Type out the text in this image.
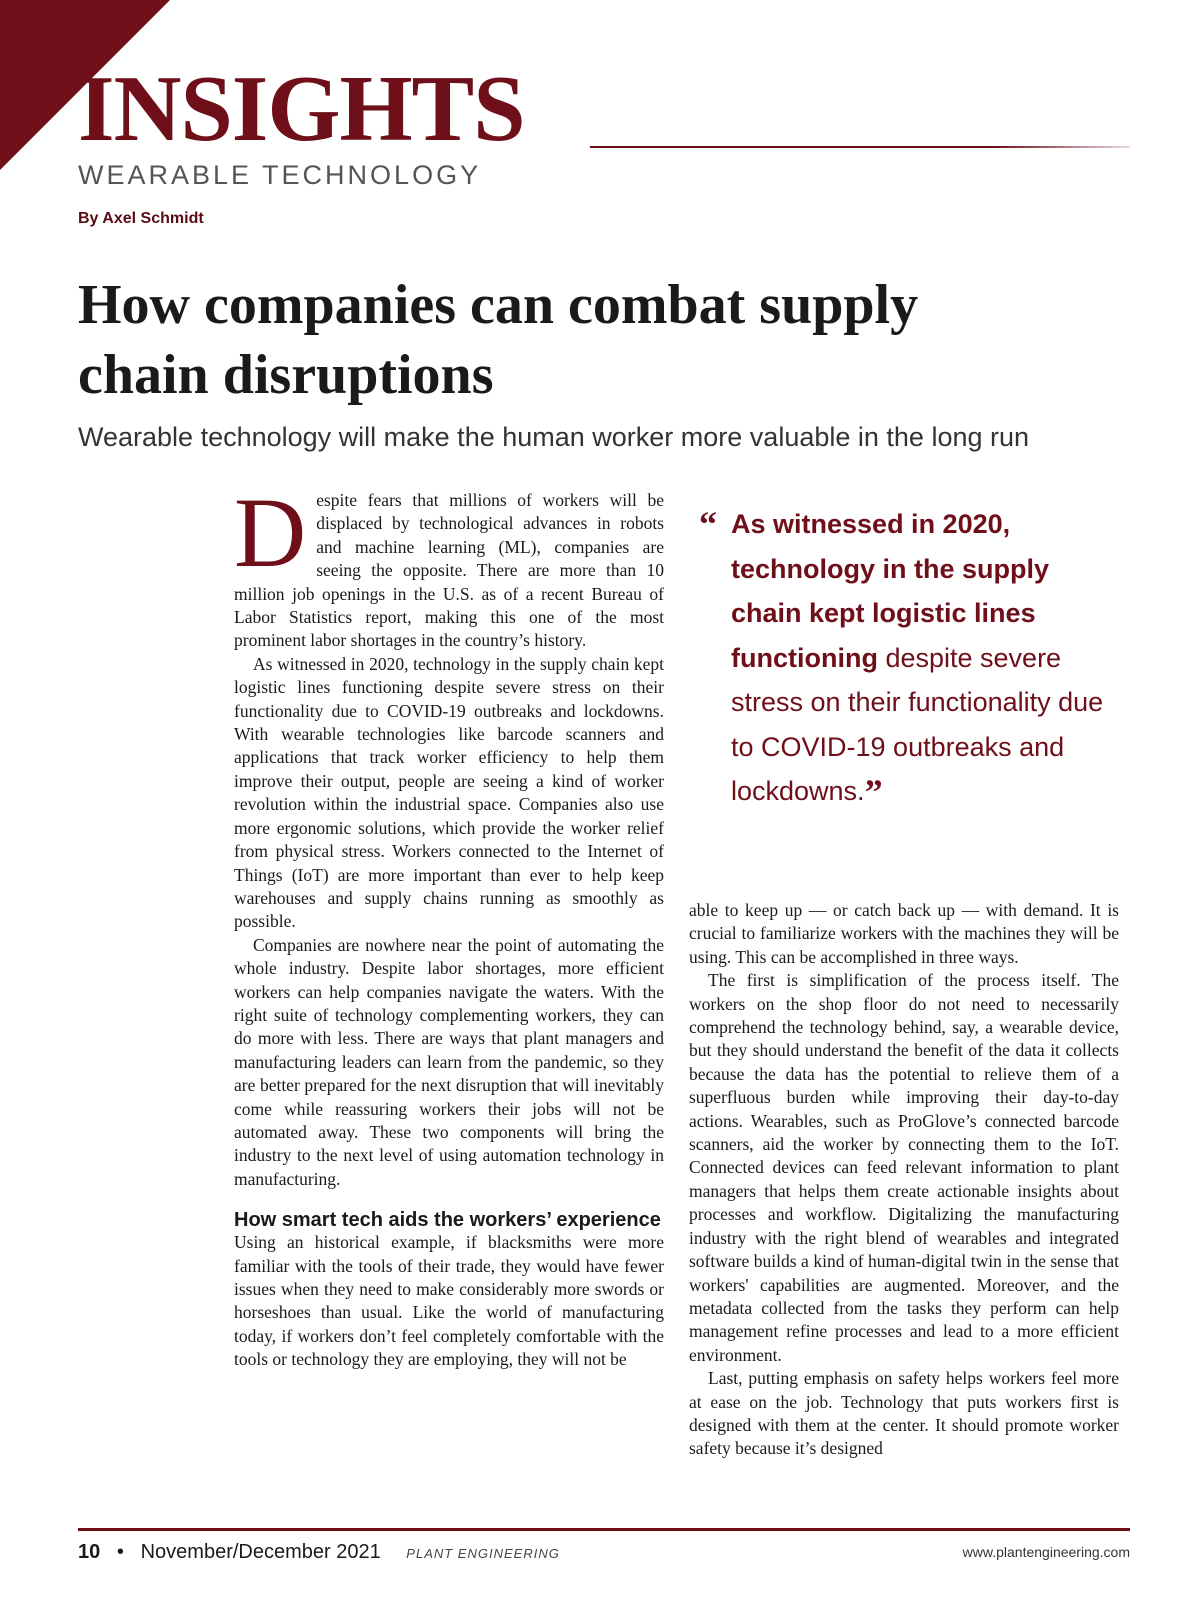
INSIGHTS
WEARABLE TECHNOLOGY
By Axel Schmidt
How companies can combat supply chain disruptions
Wearable technology will make the human worker more valuable in the long run
D espite fears that millions of workers will be displaced by technological advances in robots and machine learning (ML), companies are seeing the opposite. There are more than 10 million job openings in the U.S. as of a recent Bureau of Labor Statistics report, making this one of the most prominent labor shortages in the country’s history.

As witnessed in 2020, technology in the supply chain kept logistic lines functioning despite severe stress on their functionality due to COVID-19 outbreaks and lockdowns. With wearable technologies like barcode scanners and applications that track worker efficiency to help them improve their output, people are seeing a kind of worker revolution within the industrial space. Companies also use more ergonomic solutions, which provide the worker relief from physical stress. Workers connected to the Internet of Things (IoT) are more important than ever to help keep warehouses and supply chains running as smoothly as possible.

Companies are nowhere near the point of automating the whole industry. Despite labor shortages, more efficient workers can help companies navigate the waters. With the right suite of technology complementing workers, they can do more with less. There are ways that plant managers and manufacturing leaders can learn from the pandemic, so they are better prepared for the next disruption that will inevitably come while reassuring workers their jobs will not be automated away. These two components will bring the industry to the next level of using automation technology in manufacturing.

How smart tech aids the workers’ experience

Using an historical example, if blacksmiths were more familiar with the tools of their trade, they would have fewer issues when they need to make considerably more swords or horseshoes than usual. Like the world of manufacturing today, if workers don’t feel completely comfortable with the tools or technology they are employing, they will not be

“ As witnessed in 2020, technology in the supply chain kept logistic lines functioning despite severe stress on their functionality due to COVID-19 outbreaks and lockdowns.”

able to keep up — or catch back up — with demand. It is crucial to familiarize workers with the machines they will be using. This can be accomplished in three ways.

The first is simplification of the process itself. The workers on the shop floor do not need to necessarily comprehend the technology behind, say, a wearable device, but they should understand the benefit of the data it collects because the data has the potential to relieve them of a superfluous burden while improving their day-to-day actions. Wearables, such as ProGlove’s connected barcode scanners, aid the worker by connecting them to the IoT. Connected devices can feed relevant information to plant managers that helps them create actionable insights about processes and workflow. Digitalizing the manufacturing industry with the right blend of wearables and integrated software builds a kind of human-digital twin in the sense that workers' capabilities are augmented. Moreover, and the metadata collected from the tasks they perform can help management refine processes and lead to a more efficient environment.

Last, putting emphasis on safety helps workers feel more at ease on the job. Technology that puts workers first is designed with them at the center. It should promote worker safety because it’s designed

10 • November/December 2021 PLANT ENGINEERING	www.plantengineering.com
